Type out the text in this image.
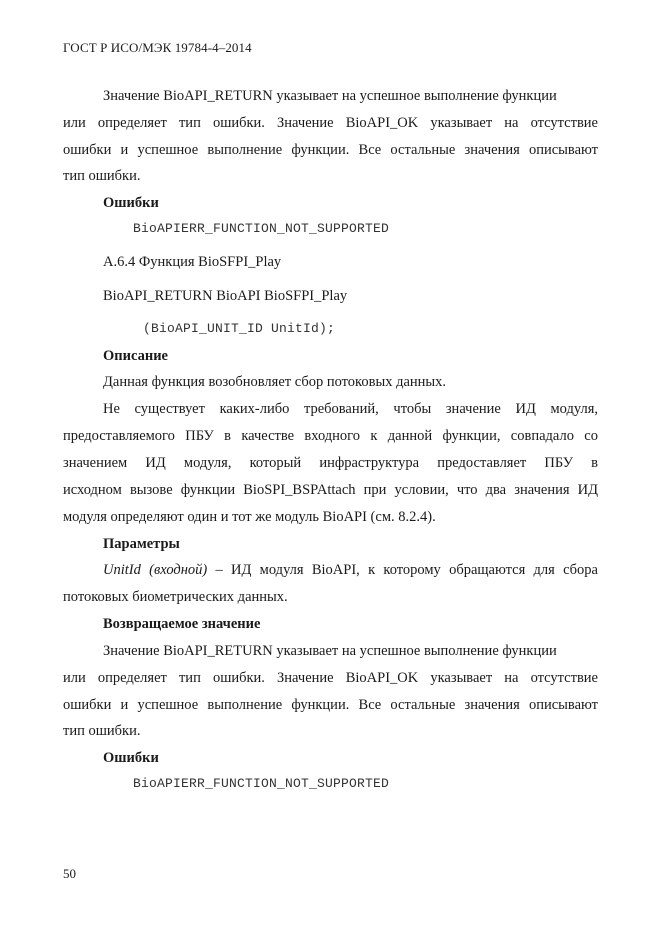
ГОСТ Р ИСО/МЭК 19784-4–2014
Значение BioAPI_RETURN указывает на успешное выполнение функции
или определяет тип ошибки. Значение BioAPI_OK указывает на отсутствие
ошибки и успешное выполнение функции. Все остальные значения описывают
тип ошибки.
Ошибки
BioAPIERR_FUNCTION_NOT_SUPPORTED
А.6.4 Функция BioSFPI_Play
BioAPI_RETURN BioAPI BioSFPI_Play
(BioAPI_UNIT_ID UnitId);
Описание
Данная функция возобновляет сбор потоковых данных.
Не существует каких-либо требований, чтобы значение ИД модуля,
предоставляемого ПБУ в качестве входного к данной функции, совпадало со
значением ИД модуля, который инфраструктура предоставляет ПБУ в
исходном вызове функции BioSPI_BSPAttach при условии, что два значения ИД
модуля определяют один и тот же модуль BioAPI (см. 8.2.4).
Параметры
UnitId (входной) – ИД модуля BioAPI, к которому обращаются для сбора
потоковых биометрических данных.
Возвращаемое значение
Значение BioAPI_RETURN указывает на успешное выполнение функции
или определяет тип ошибки. Значение BioAPI_OK указывает на отсутствие
ошибки и успешное выполнение функции. Все остальные значения описывают
тип ошибки.
Ошибки
BioAPIERR_FUNCTION_NOT_SUPPORTED
50
